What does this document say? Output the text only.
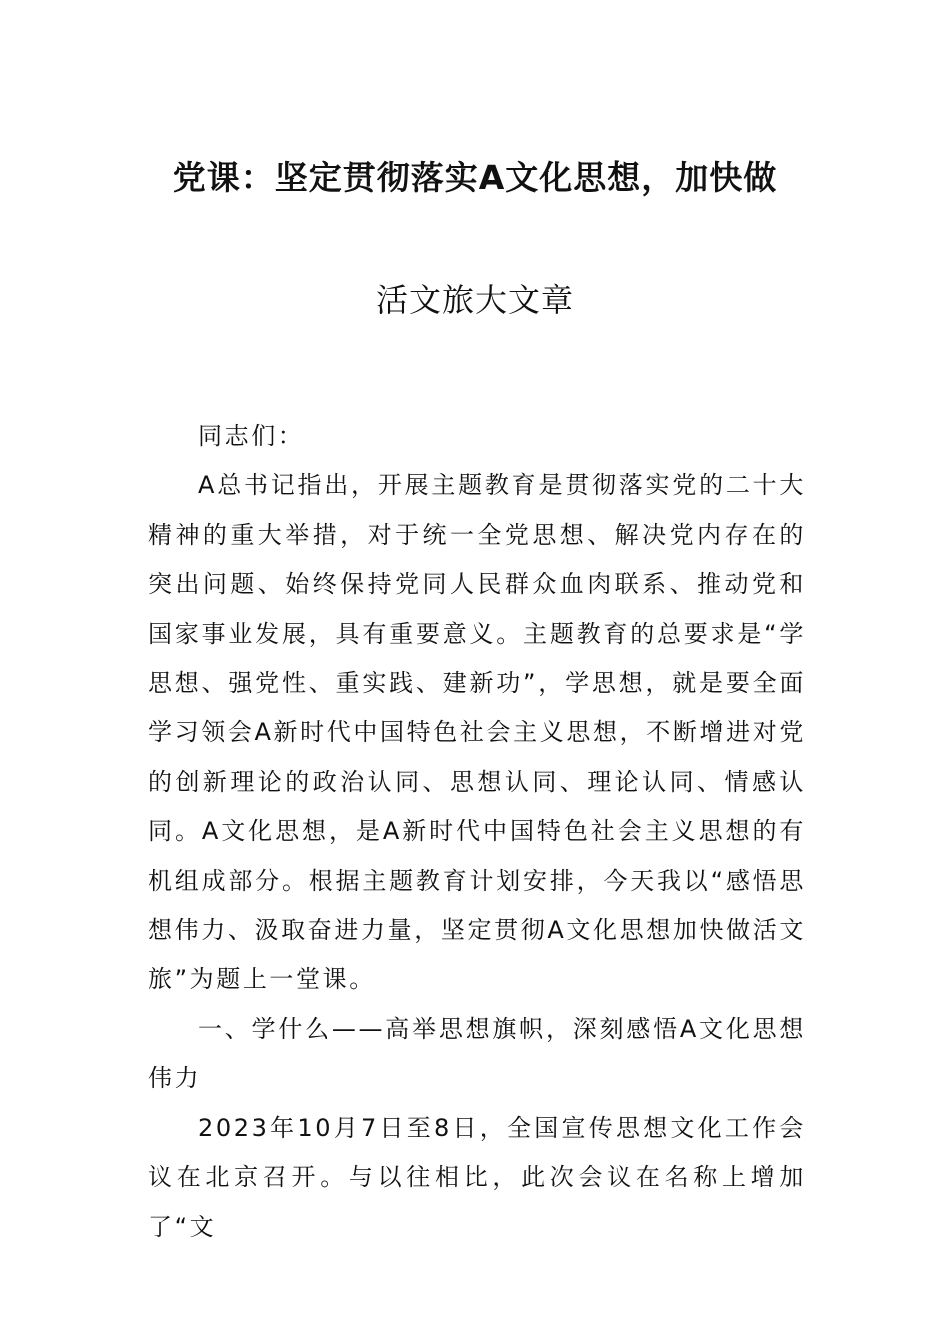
党课：坚定贯彻落实A文化思想，加快做
活文旅大文章

同志们：

A总书记指出，开展主题教育是贯彻落实党的二十大精神的重大举措，对于统一全党思想、解决党内存在的突出问题、始终保持党同人民群众血肉联系、推动党和国家事业发展，具有重要意义。主题教育的总要求是“学思想、强党性、重实践、建新功”，学思想，就是要全面学习领会A新时代中国特色社会主义思想，不断增进对党的创新理论的政治认同、思想认同、理论认同、情感认同。A文化思想，是A新时代中国特色社会主义思想的有机组成部分。根据主题教育计划安排，今天我以“感悟思想伟力、汲取奋进力量，坚定贯彻A文化思想加快做活文旅”为题上一堂课。

一、学什么——高举思想旗帜，深刻感悟A文化思想伟力

2023年10月7日至8日，全国宣传思想文化工作会议在北京召开。与以往相比，此次会议在名称上增加了“文
